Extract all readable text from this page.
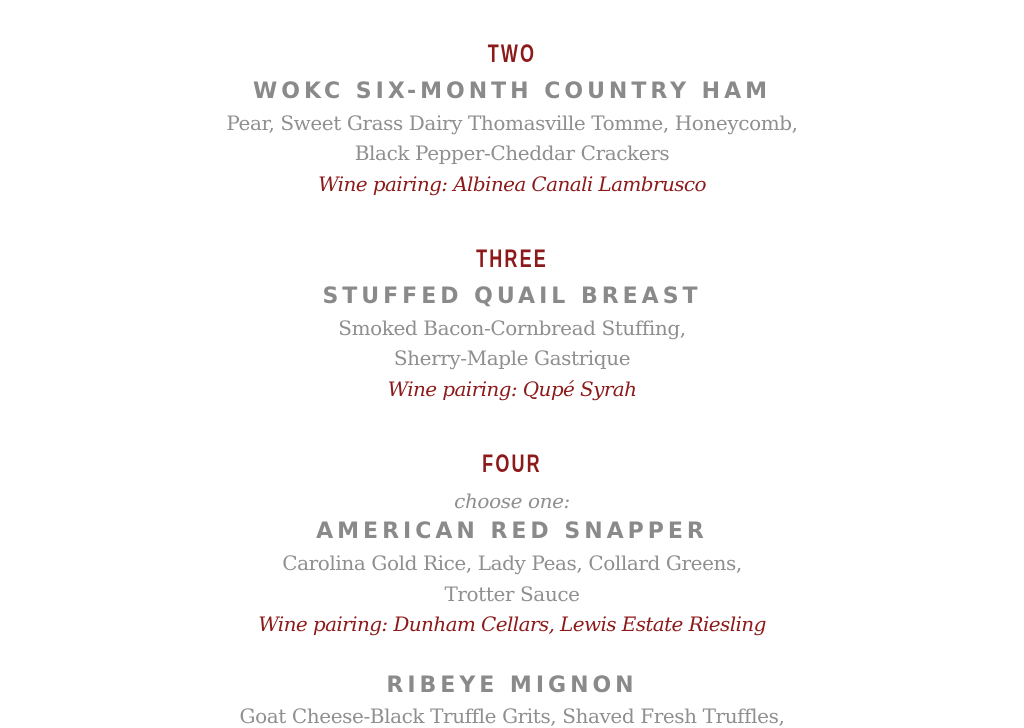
TWO
WOKC SIX-MONTH COUNTRY HAM
Pear, Sweet Grass Dairy Thomasville Tomme, Honeycomb,
Black Pepper-Cheddar Crackers
Wine pairing: Albinea Canali Lambrusco
THREE
STUFFED QUAIL BREAST
Smoked Bacon-Cornbread Stuffing,
Sherry-Maple Gastrique
Wine pairing: Qupé Syrah
FOUR
choose one:
AMERICAN RED SNAPPER
Carolina Gold Rice, Lady Peas, Collard Greens,
Trotter Sauce
Wine pairing: Dunham Cellars, Lewis Estate Riesling
RIBEYE MIGNON
Goat Cheese-Black Truffle Grits, Shaved Fresh Truffles,
